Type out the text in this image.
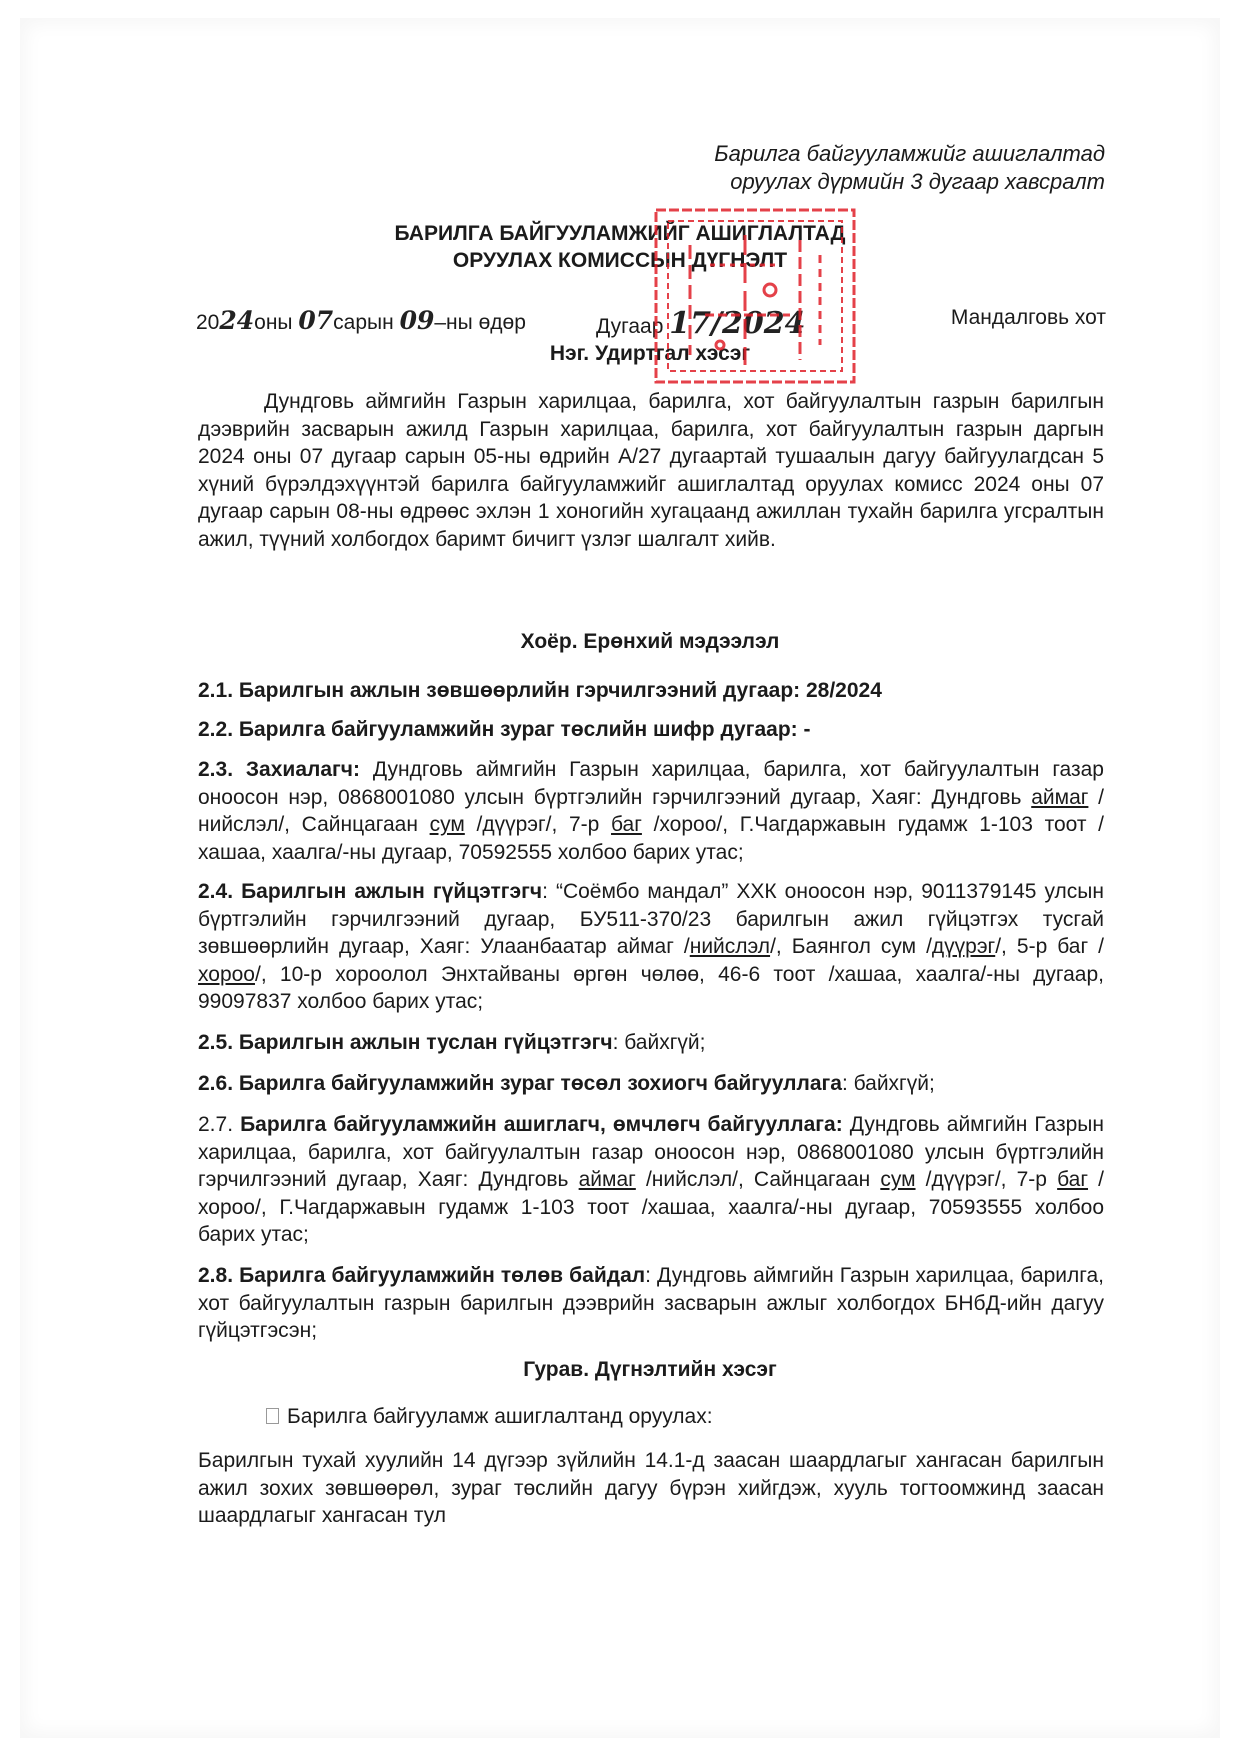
Барилга байгууламжийг ашиглалтад
оруулах дүрмийн 3 дугаар хавсралт
БАРИЛГА БАЙГУУЛАМЖИЙГ АШИГЛАЛТАД
ОРУУЛАХ КОМИССЫН ДҮГНЭЛТ
2024оны 07сарын 09–ны өдөр	Дугаар 17/2024	Мандалговь хот
Нэг. Удиртгал хэсэг
Дундговь аймгийн Газрын харилцаа, барилга, хот байгуулалтын газрын барилгын дээврийн засварын ажилд Газрын харилцаа, барилга, хот байгуулалтын газрын даргын 2024 оны 07 дугаар сарын 05-ны өдрийн А/27 дугаартай тушаалын дагуу байгуулагдсан 5 хүний бүрэлдэхүүнтэй барилга байгууламжийг ашиглалтад оруулах комисс 2024 оны 07 дугаар сарын 08-ны өдрөөс эхлэн 1 хоногийн хугацаанд ажиллан тухайн барилга угсралтын ажил, түүний холбогдох баримт бичигт үзлэг шалгалт хийв.
Хоёр. Ерөнхий мэдээлэл
2.1. Барилгын ажлын зөвшөөрлийн гэрчилгээний дугаар: 28/2024
2.2. Барилга байгууламжийн зураг төслийн шифр дугаар: -
2.3. Захиалагч: Дундговь аймгийн Газрын харилцаа, барилга, хот байгуулалтын газар оноосон нэр, 0868001080 улсын бүртгэлийн гэрчилгээний дугаар, Хаяг: Дундговь аймаг /нийслэл/, Сайнцагаан сум /дүүрэг/, 7-р баг /хороо/, Г.Чагдаржавын гудамж 1-103 тоот /хашаа, хаалга/-ны дугаар, 70592555 холбоо барих утас;
2.4. Барилгын ажлын гүйцэтгэгч: “Соёмбо мандал” ХХК оноосон нэр, 9011379145 улсын бүртгэлийн гэрчилгээний дугаар, БУ511-370/23 барилгын ажил гүйцэтгэх тусгай зөвшөөрлийн дугаар, Хаяг: Улаанбаатар аймаг /нийслэл/, Баянгол сум /дүүрэг/, 5-р баг /хороо/, 10-р хороолол Энхтайваны өргөн чөлөө, 46-6 тоот /хашаа, хаалга/-ны дугаар, 99097837 холбоо барих утас;
2.5. Барилгын ажлын туслан гүйцэтгэгч: байхгүй;
2.6. Барилга байгууламжийн зураг төсөл зохиогч байгууллага: байхгүй;
2.7. Барилга байгууламжийн ашиглагч, өмчлөгч байгууллага: Дундговь аймгийн Газрын харилцаа, барилга, хот байгуулалтын газар оноосон нэр, 0868001080 улсын бүртгэлийн гэрчилгээний дугаар, Хаяг: Дундговь аймаг /нийслэл/, Сайнцагаан сум /дүүрэг/, 7-р баг /хороо/, Г.Чагдаржавын гудамж 1-103 тоот /хашаа, хаалга/-ны дугаар, 70593555 холбоо барих утас;
2.8. Барилга байгууламжийн төлөв байдал: Дундговь аймгийн Газрын харилцаа, барилга, хот байгуулалтын газрын барилгын дээврийн засварын ажлыг холбогдох БНбД-ийн дагуу гүйцэтгэсэн;
Гурав. Дүгнэлтийн хэсэг
Барилга байгууламж ашиглалтанд оруулах:
Барилгын тухай хуулийн 14 дүгээр зүйлийн 14.1-д заасан шаардлагыг хангасан барилгын ажил зохих зөвшөөрөл, зураг төслийн дагуу бүрэн хийгдэж, хууль тогтоомжинд заасан шаардлагыг хангасан тул
